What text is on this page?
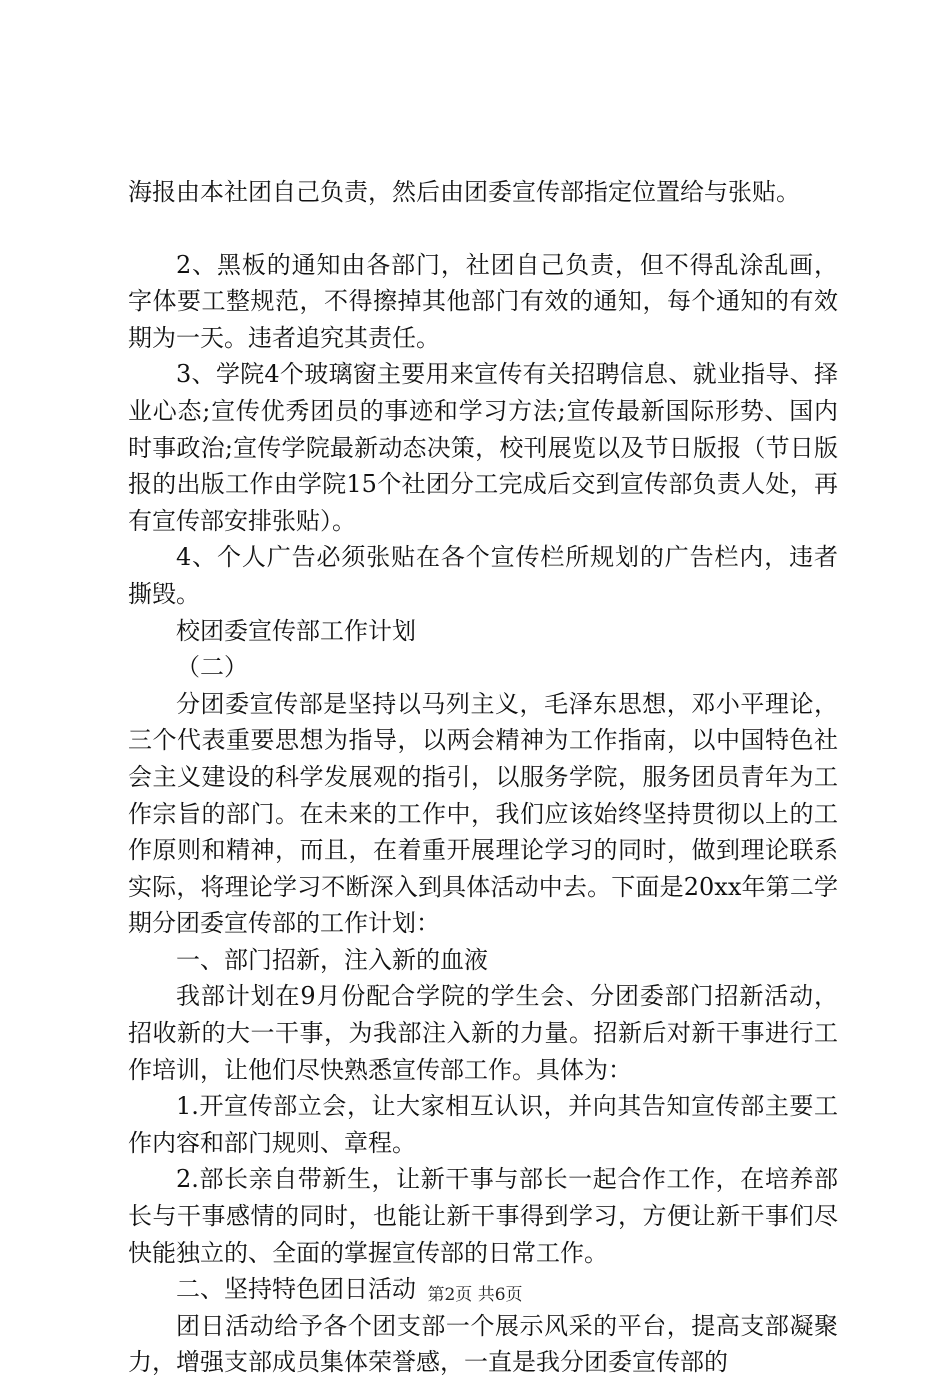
海报由本社团自己负责，然后由团委宣传部指定位置给与张贴。

2、黑板的通知由各部门，社团自己负责，但不得乱涂乱画，字体要工整规范，不得擦掉其他部门有效的通知，每个通知的有效期为一天。违者追究其责任。

3、学院4个玻璃窗主要用来宣传有关招聘信息、就业指导、择业心态;宣传优秀团员的事迹和学习方法;宣传最新国际形势、国内时事政治;宣传学院最新动态决策，校刊展览以及节日版报（节日版报的出版工作由学院15个社团分工完成后交到宣传部负责人处，再有宣传部安排张贴）。

4、个人广告必须张贴在各个宣传栏所规划的广告栏内，违者撕毁。

校团委宣传部工作计划

（二）

分团委宣传部是坚持以马列主义，毛泽东思想，邓小平理论，三个代表重要思想为指导，以两会精神为工作指南，以中国特色社会主义建设的科学发展观的指引，以服务学院，服务团员青年为工作宗旨的部门。在未来的工作中，我们应该始终坚持贯彻以上的工作原则和精神，而且，在着重开展理论学习的同时，做到理论联系实际，将理论学习不断深入到具体活动中去。下面是20xx年第二学期分团委宣传部的工作计划：

一、部门招新，注入新的血液

我部计划在9月份配合学院的学生会、分团委部门招新活动，招收新的大一干事，为我部注入新的力量。招新后对新干事进行工作培训，让他们尽快熟悉宣传部工作。具体为：

1.开宣传部立会，让大家相互认识，并向其告知宣传部主要工作内容和部门规则、章程。

2.部长亲自带新生，让新干事与部长一起合作工作，在培养部长与干事感情的同时，也能让新干事得到学习，方便让新干事们尽快能独立的、全面的掌握宣传部的日常工作。

二、坚持特色团日活动

团日活动给予各个团支部一个展示风采的平台，提高支部凝聚力，增强支部成员集体荣誉感，一直是我分团委宣传部的

第2页 共6页
